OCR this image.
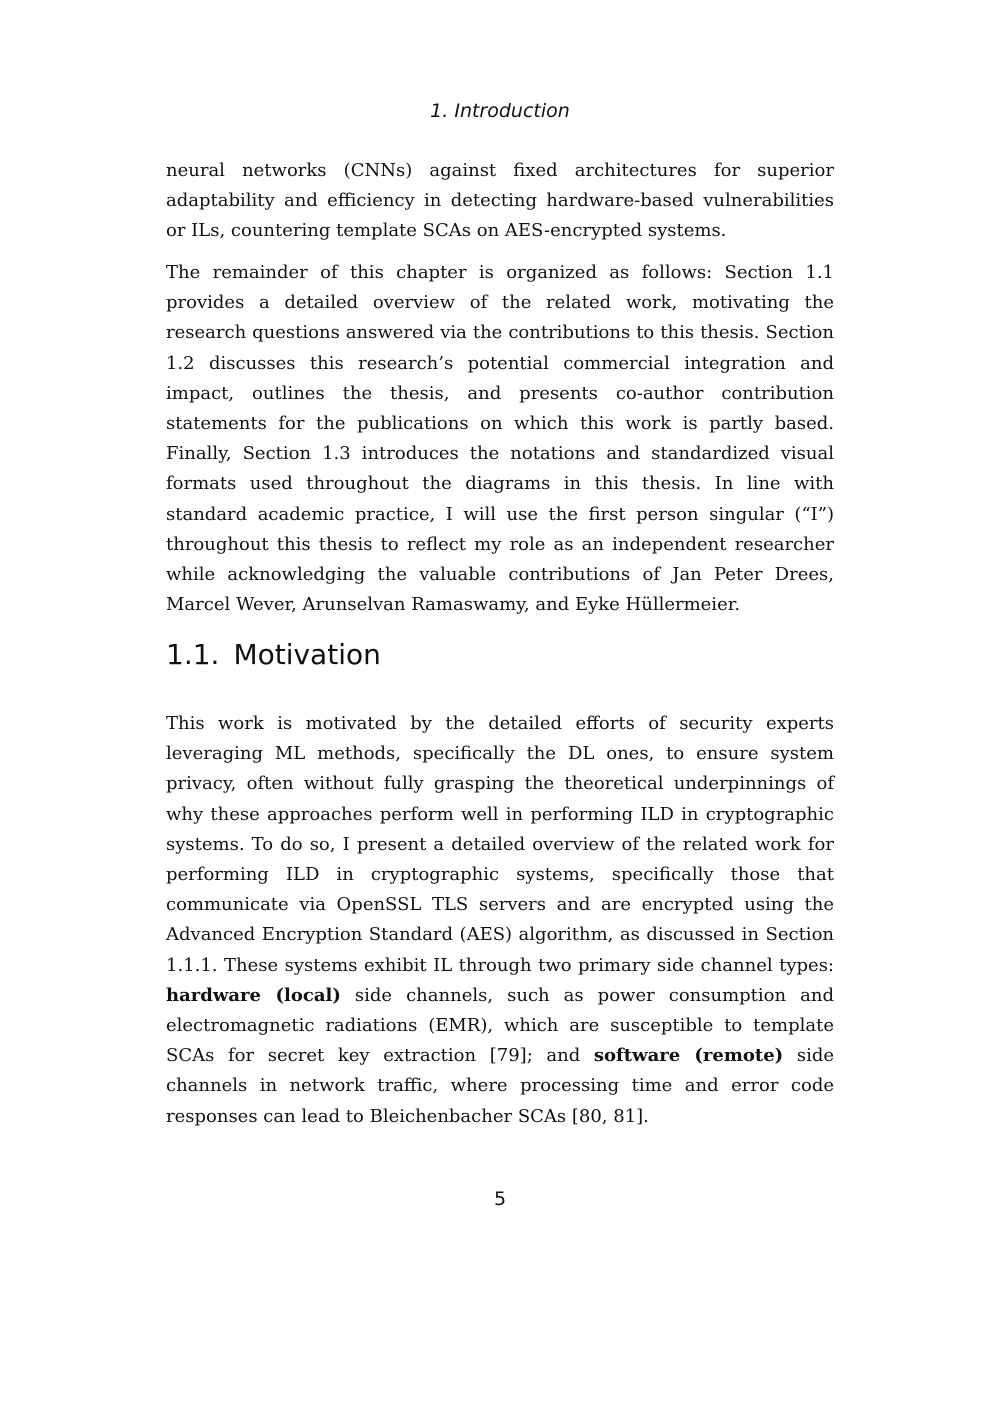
1. Introduction

neural networks (CNNs) against fixed architectures for superior adaptability and efficiency in detecting hardware-based vulnerabilities or ILs, countering template SCAs on AES-encrypted systems.

The remainder of this chapter is organized as follows: Section 1.1 provides a detailed overview of the related work, motivating the research questions answered via the contributions to this thesis. Section 1.2 discusses this research’s potential commercial integration and impact, outlines the thesis, and presents co-author contribution statements for the publications on which this work is partly based. Finally, Section 1.3 introduces the notations and standardized visual formats used throughout the diagrams in this thesis. In line with standard academic practice, I will use the first person singular (“I”) throughout this thesis to reflect my role as an independent researcher while acknowledging the valuable contributions of Jan Peter Drees, Marcel Wever, Arunselvan Ramaswamy, and Eyke Hüllermeier.

1.1. Motivation

This work is motivated by the detailed efforts of security experts leveraging ML methods, specifically the DL ones, to ensure system privacy, often without fully grasping the theoretical underpinnings of why these approaches perform well in performing ILD in cryptographic systems. To do so, I present a detailed overview of the related work for performing ILD in cryptographic systems, specifically those that communicate via OpenSSL TLS servers and are encrypted using the Advanced Encryption Standard (AES) algorithm, as discussed in Section 1.1.1. These systems exhibit IL through two primary side channel types: hardware (local) side channels, such as power consumption and electromagnetic radiations (EMR), which are susceptible to template SCAs for secret key extraction [79]; and software (remote) side channels in network traffic, where processing time and error code responses can lead to Bleichenbacher SCAs [80, 81].

5
